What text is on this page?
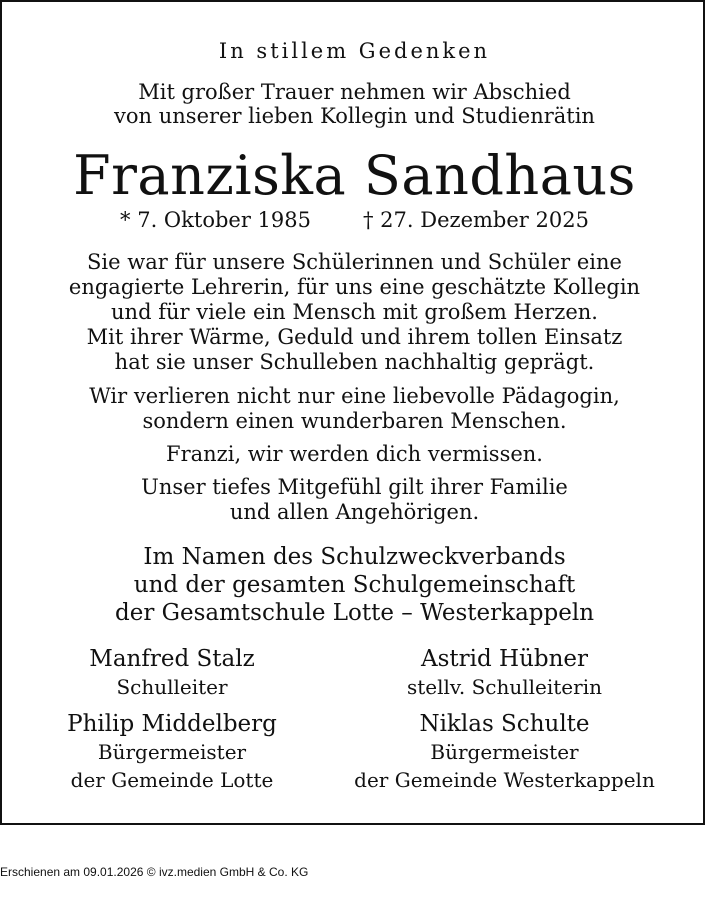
In stillem Gedenken
Mit großer Trauer nehmen wir Abschied
von unserer lieben Kollegin und Studienrätin
Franziska Sandhaus
* 7. Oktober 1985 † 27. Dezember 2025
Sie war für unsere Schülerinnen und Schüler eine
engagierte Lehrerin, für uns eine geschätzte Kollegin
und für viele ein Mensch mit großem Herzen.
Mit ihrer Wärme, Geduld und ihrem tollen Einsatz
hat sie unser Schulleben nachhaltig geprägt.
Wir verlieren nicht nur eine liebevolle Pädagogin,
sondern einen wunderbaren Menschen.
Franzi, wir werden dich vermissen.
Unser tiefes Mitgefühl gilt ihrer Familie
und allen Angehörigen.
Im Namen des Schulzweckverbands
und der gesamten Schulgemeinschaft
der Gesamtschule Lotte – Westerkappeln
Manfred Stalz
Schulleiter
Astrid Hübner
stellv. Schulleiterin
Philip Middelberg
Bürgermeister
der Gemeinde Lotte
Niklas Schulte
Bürgermeister
der Gemeinde Westerkappeln
Erschienen am 09.01.2026 © ivz.medien GmbH & Co. KG
